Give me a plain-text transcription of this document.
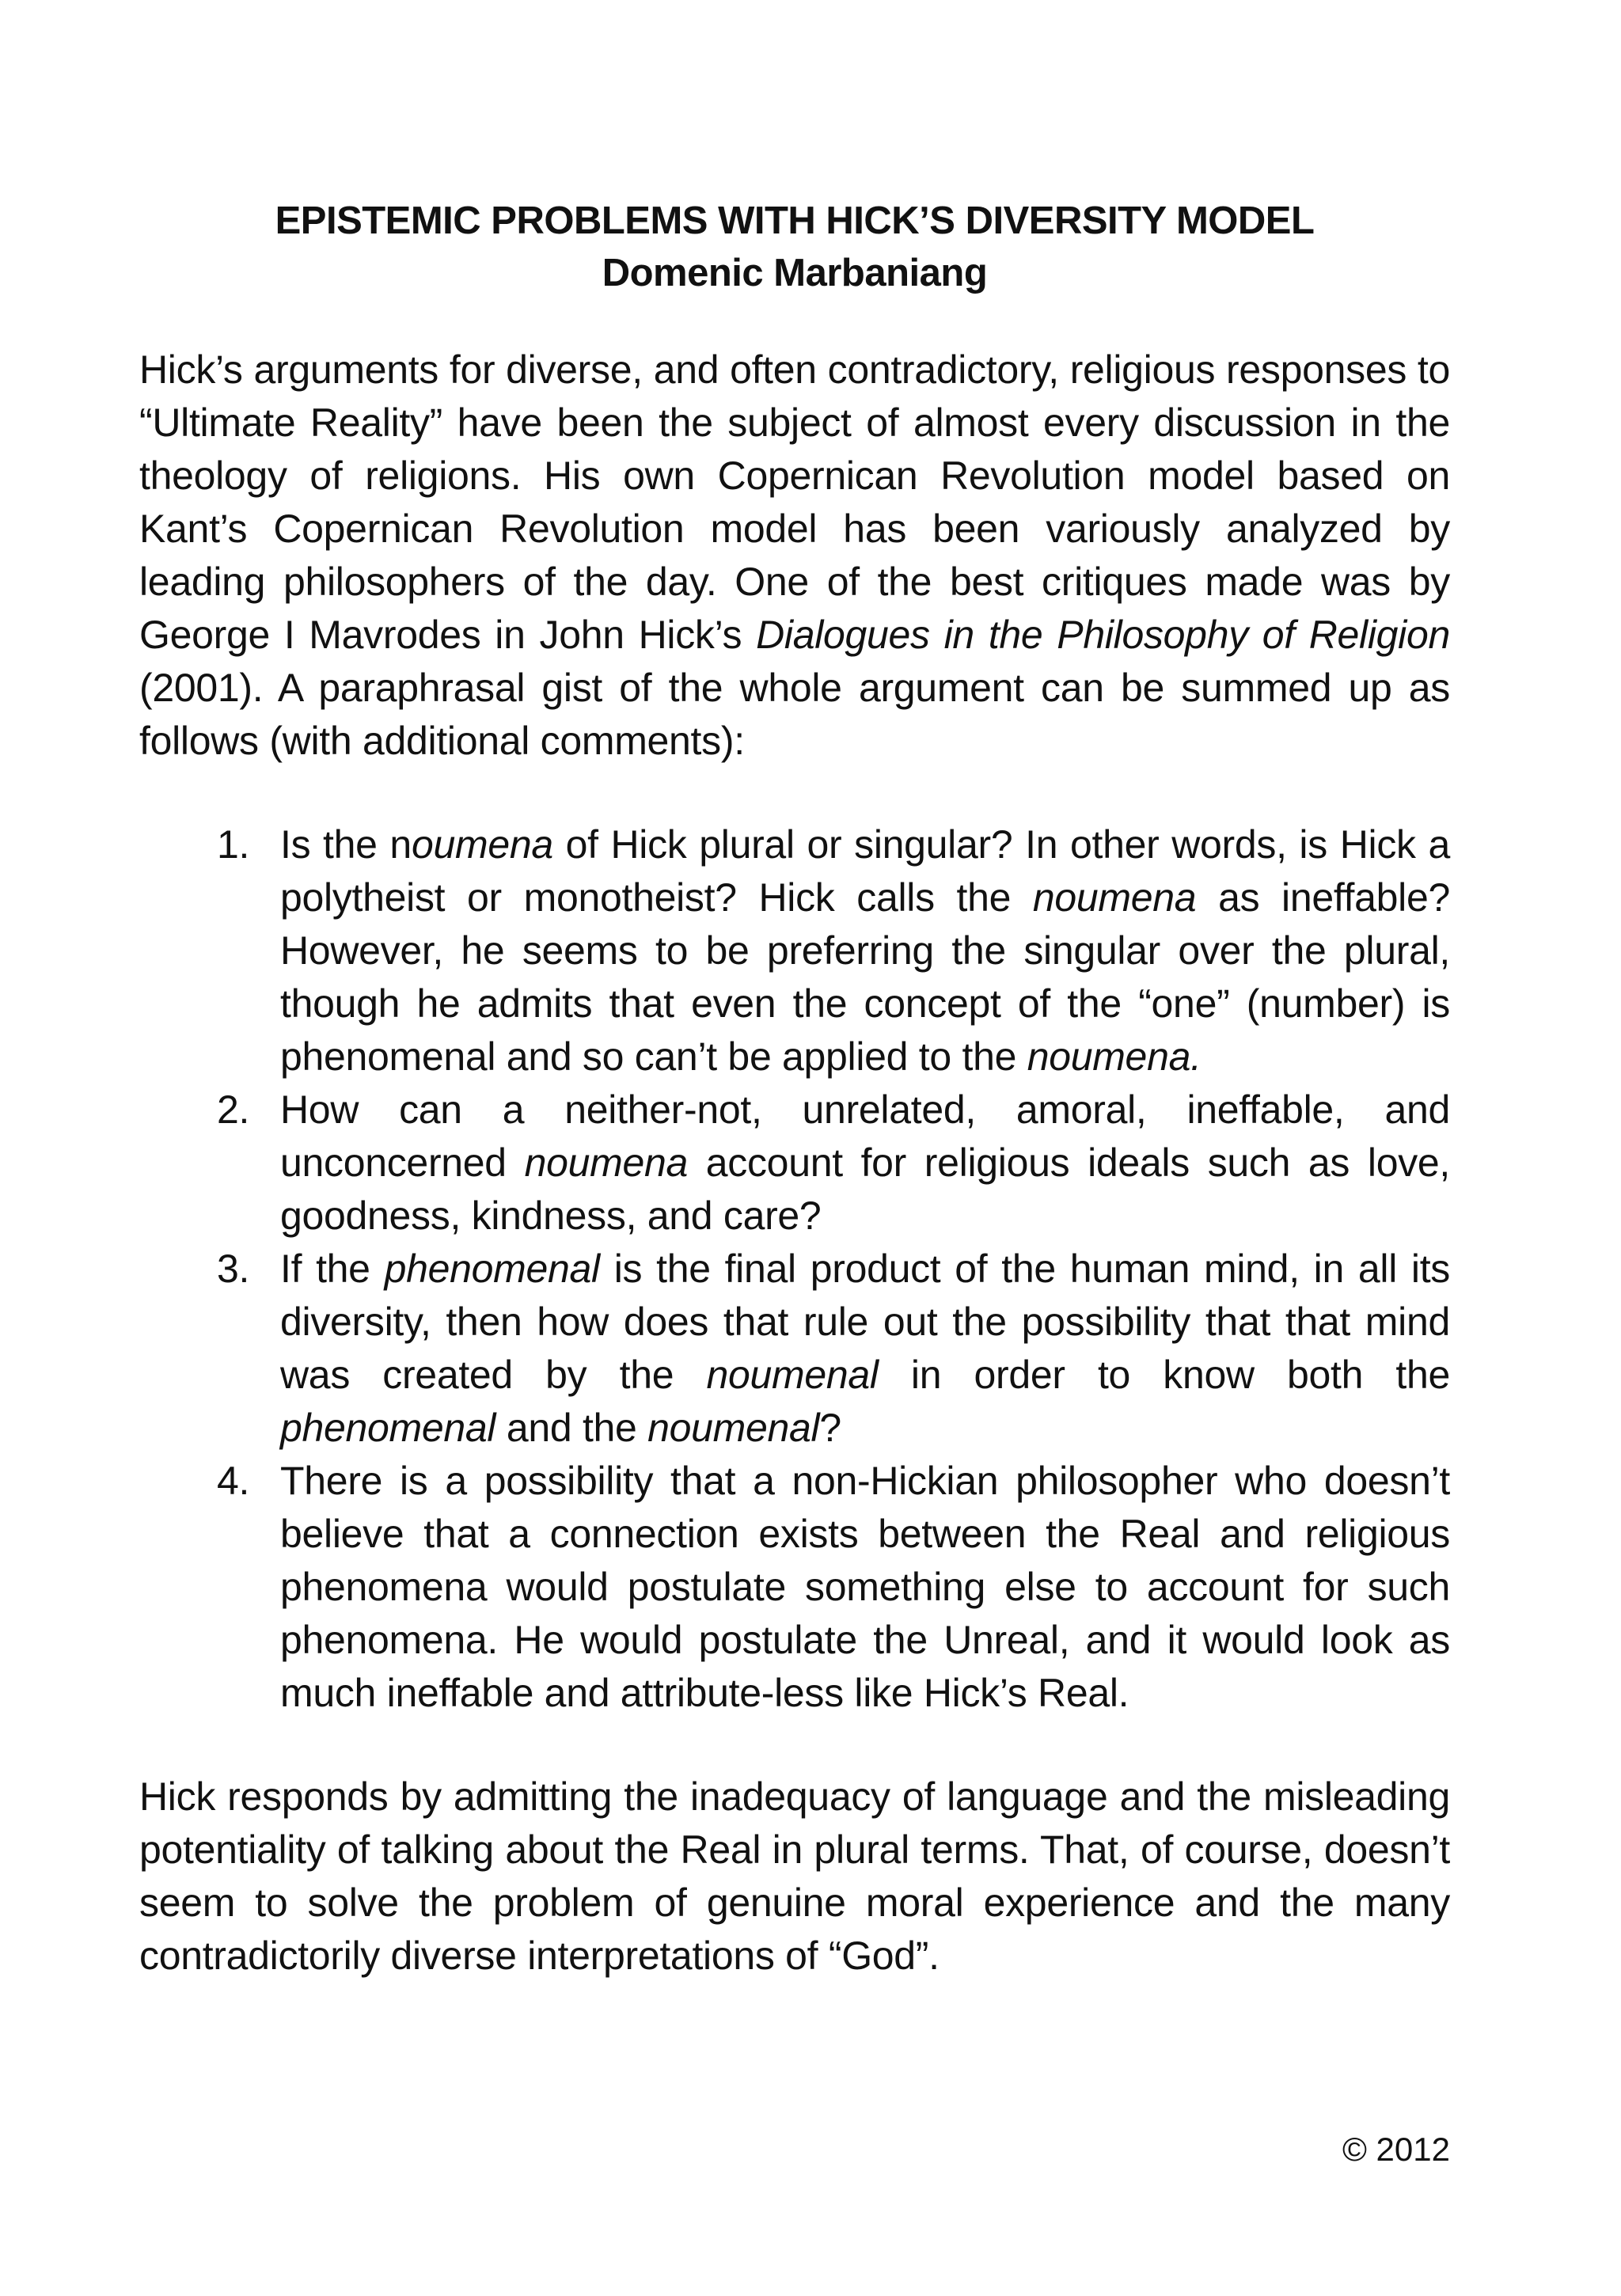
EPISTEMIC PROBLEMS WITH HICK’S DIVERSITY MODEL
Domenic Marbaniang

Hick’s arguments for diverse, and often contradictory, religious responses to “Ultimate Reality” have been the subject of almost every discussion in the theology of religions. His own Copernican Revolution model based on Kant’s Copernican Revolution model has been variously analyzed by leading philosophers of the day. One of the best critiques made was by George I Mavrodes in John Hick’s Dialogues in the Philosophy of Religion (2001). A paraphrasal gist of the whole argument can be summed up as follows (with additional comments):

1. Is the noumena of Hick plural or singular? In other words, is Hick a polytheist or monotheist? Hick calls the noumena as ineffable? However, he seems to be preferring the singular over the plural, though he admits that even the concept of the “one” (number) is phenomenal and so can’t be applied to the noumena.
2. How can a neither-not, unrelated, amoral, ineffable, and unconcerned noumena account for religious ideals such as love, goodness, kindness, and care?
3. If the phenomenal is the final product of the human mind, in all its diversity, then how does that rule out the possibility that that mind was created by the noumenal in order to know both the phenomenal and the noumenal?
4. There is a possibility that a non-Hickian philosopher who doesn’t believe that a connection exists between the Real and religious phenomena would postulate something else to account for such phenomena. He would postulate the Unreal, and it would look as much ineffable and attribute-less like Hick’s Real.

Hick responds by admitting the inadequacy of language and the misleading potentiality of talking about the Real in plural terms. That, of course, doesn’t seem to solve the problem of genuine moral experience and the many contradictorily diverse interpretations of “God”.

© 2012
